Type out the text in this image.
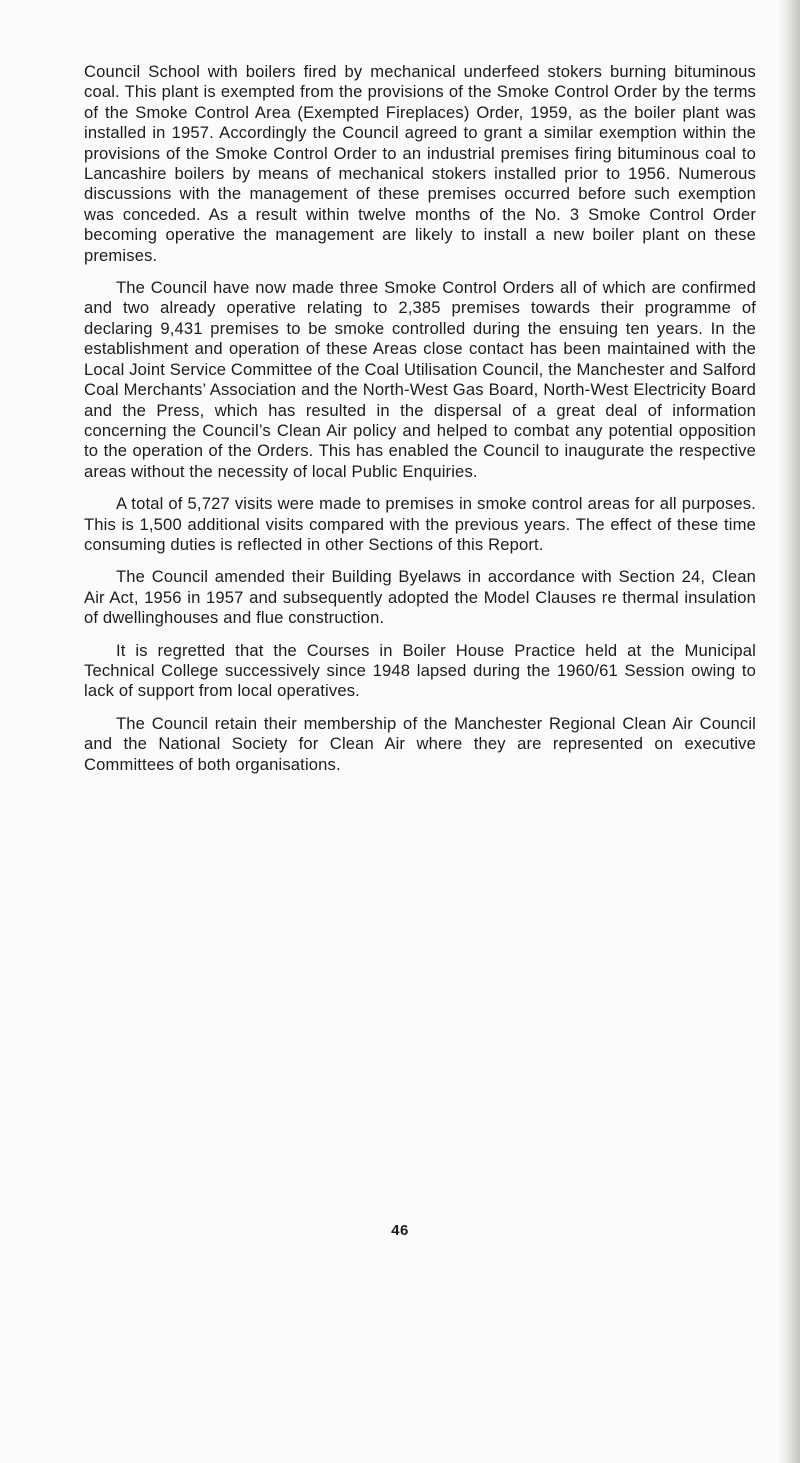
Council School with boilers fired by mechanical underfeed stokers burning bituminous coal. This plant is exempted from the provisions of the Smoke Control Order by the terms of the Smoke Control Area (Exempted Fireplaces) Order, 1959, as the boiler plant was installed in 1957. Accordingly the Council agreed to grant a similar exemption within the provisions of the Smoke Control Order to an industrial premises firing bituminous coal to Lancashire boilers by means of mechanical stokers installed prior to 1956. Numerous discussions with the management of these premises occurred before such exemption was conceded. As a result within twelve months of the No. 3 Smoke Control Order becoming operative the management are likely to install a new boiler plant on these premises.

The Council have now made three Smoke Control Orders all of which are confirmed and two already operative relating to 2,385 premises towards their programme of declaring 9,431 premises to be smoke controlled during the ensuing ten years. In the establishment and operation of these Areas close contact has been maintained with the Local Joint Service Committee of the Coal Utilisation Council, the Manchester and Salford Coal Merchants’ Association and the North-West Gas Board, North-West Electricity Board and the Press, which has resulted in the dispersal of a great deal of information concerning the Council’s Clean Air policy and helped to combat any potential opposition to the operation of the Orders. This has enabled the Council to inaugurate the respective areas without the necessity of local Public Enquiries.

A total of 5,727 visits were made to premises in smoke control areas for all purposes. This is 1,500 additional visits compared with the previous years. The effect of these time consuming duties is reflected in other Sections of this Report.

The Council amended their Building Byelaws in accordance with Section 24, Clean Air Act, 1956 in 1957 and subsequently adopted the Model Clauses re thermal insulation of dwellinghouses and flue construction.

It is regretted that the Courses in Boiler House Practice held at the Municipal Technical College successively since 1948 lapsed during the 1960/61 Session owing to lack of support from local operatives.

The Council retain their membership of the Manchester Regional Clean Air Council and the National Society for Clean Air where they are represented on executive Committees of both organisations.

46
